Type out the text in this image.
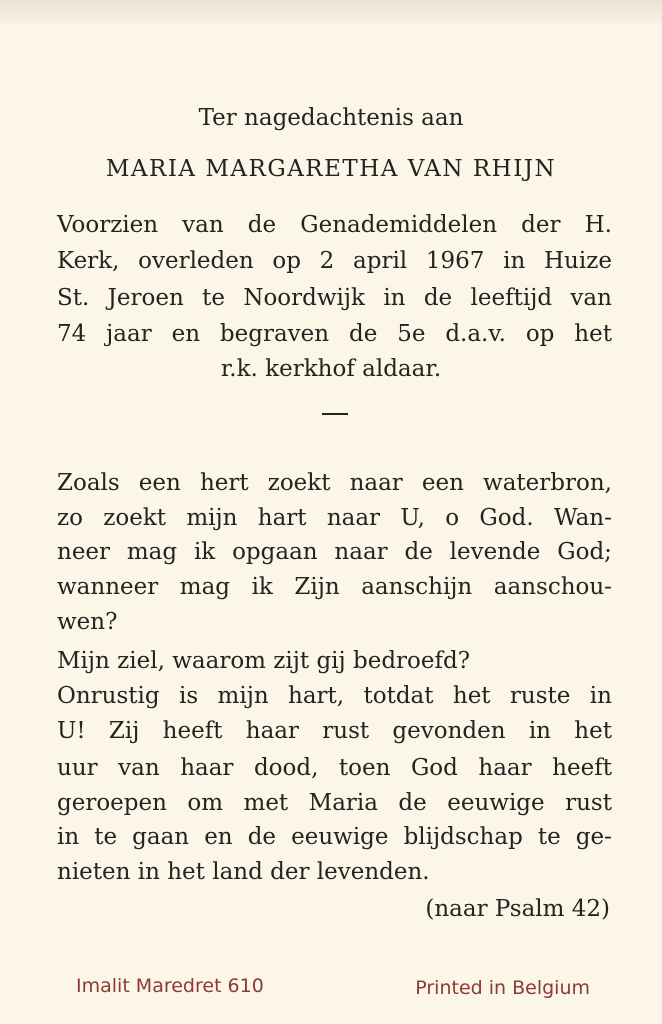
Ter nagedachtenis aan
MARIA MARGARETHA VAN RHIJN
Voorzien van de Genademiddelen der H.
Kerk, overleden op 2 april 1967 in Huize
St. Jeroen te Noordwijk in de leeftijd van
74 jaar en begraven de 5e d.a.v. op het
r.k. kerkhof aldaar.
Zoals een hert zoekt naar een waterbron,
zo zoekt mijn hart naar U, o God. Wan-
neer mag ik opgaan naar de levende God;
wanneer mag ik Zijn aanschijn aanschou-
wen?
Mijn ziel, waarom zijt gij bedroefd?
Onrustig is mijn hart, totdat het ruste in
U! Zij heeft haar rust gevonden in het
uur van haar dood, toen God haar heeft
geroepen om met Maria de eeuwige rust
in te gaan en de eeuwige blijdschap te ge-
nieten in het land der levenden.
(naar Psalm 42)
Imalit Maredret 610	Printed in Belgium
